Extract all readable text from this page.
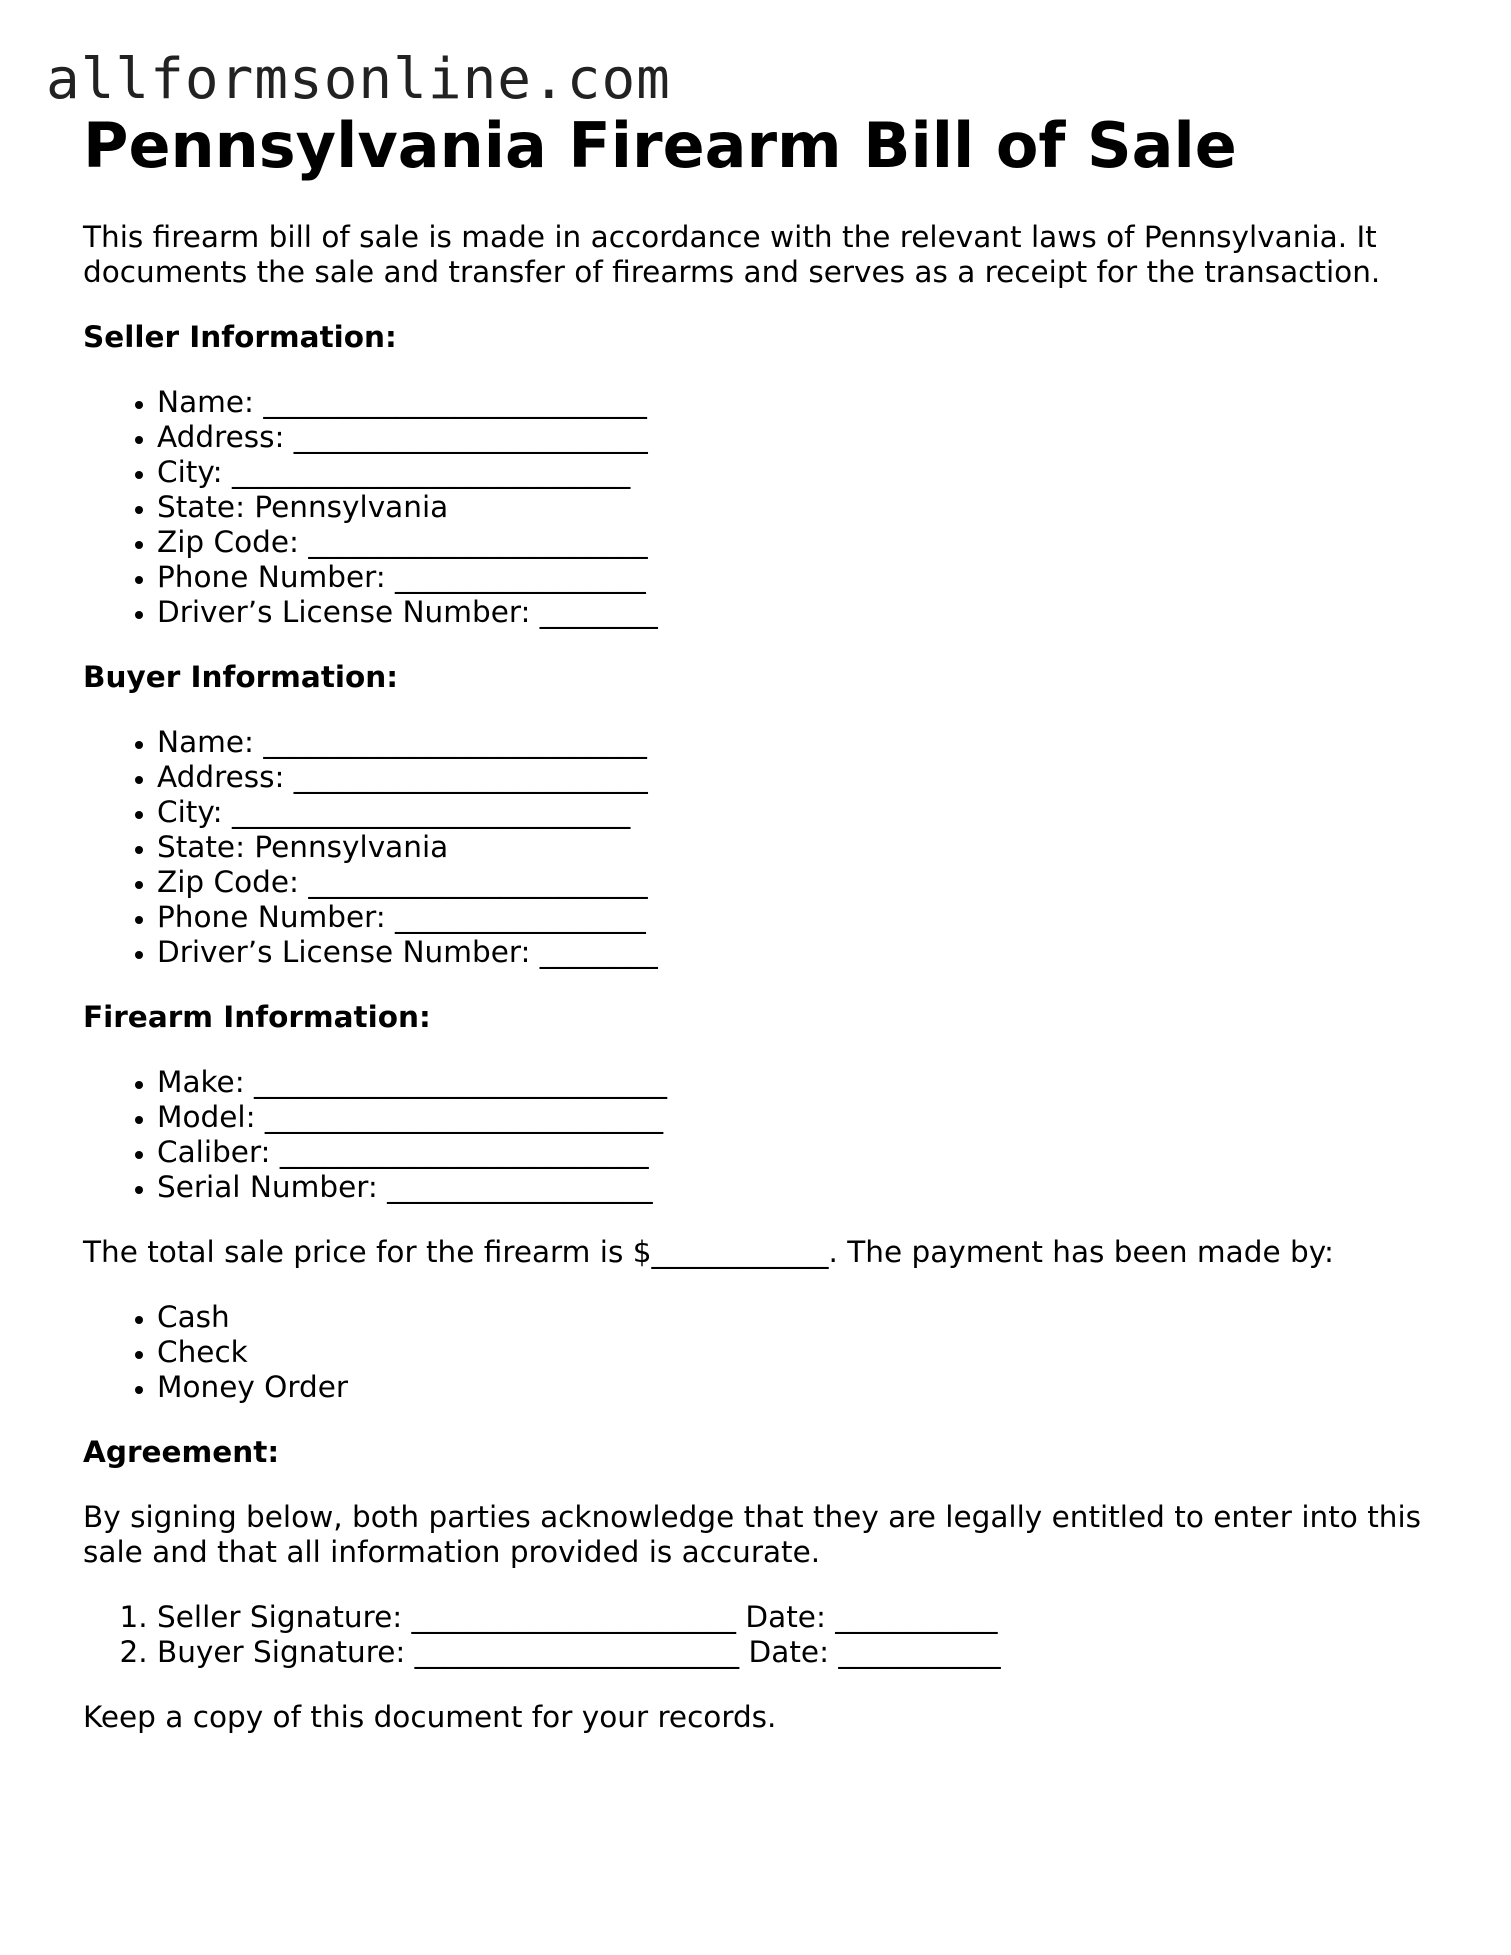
allformsonline.com
Pennsylvania Firearm Bill of Sale

This firearm bill of sale is made in accordance with the relevant laws of Pennsylvania. It documents the sale and transfer of firearms and serves as a receipt for the transaction.

Seller Information:

• Name: __________________________
• Address: ________________________
• City: ___________________________
• State: Pennsylvania
• Zip Code: _______________________
• Phone Number: _________________
• Driver’s License Number: ________

Buyer Information:

• Name: __________________________
• Address: ________________________
• City: ___________________________
• State: Pennsylvania
• Zip Code: _______________________
• Phone Number: _________________
• Driver’s License Number: ________

Firearm Information:

• Make: ____________________________
• Model: ___________________________
• Caliber: _________________________
• Serial Number: __________________

The total sale price for the firearm is $____________. The payment has been made by:

• Cash
• Check
• Money Order

Agreement:

By signing below, both parties acknowledge that they are legally entitled to enter into this sale and that all information provided is accurate.

1. Seller Signature: ______________________ Date: ___________
2. Buyer Signature: ______________________ Date: ___________

Keep a copy of this document for your records.
